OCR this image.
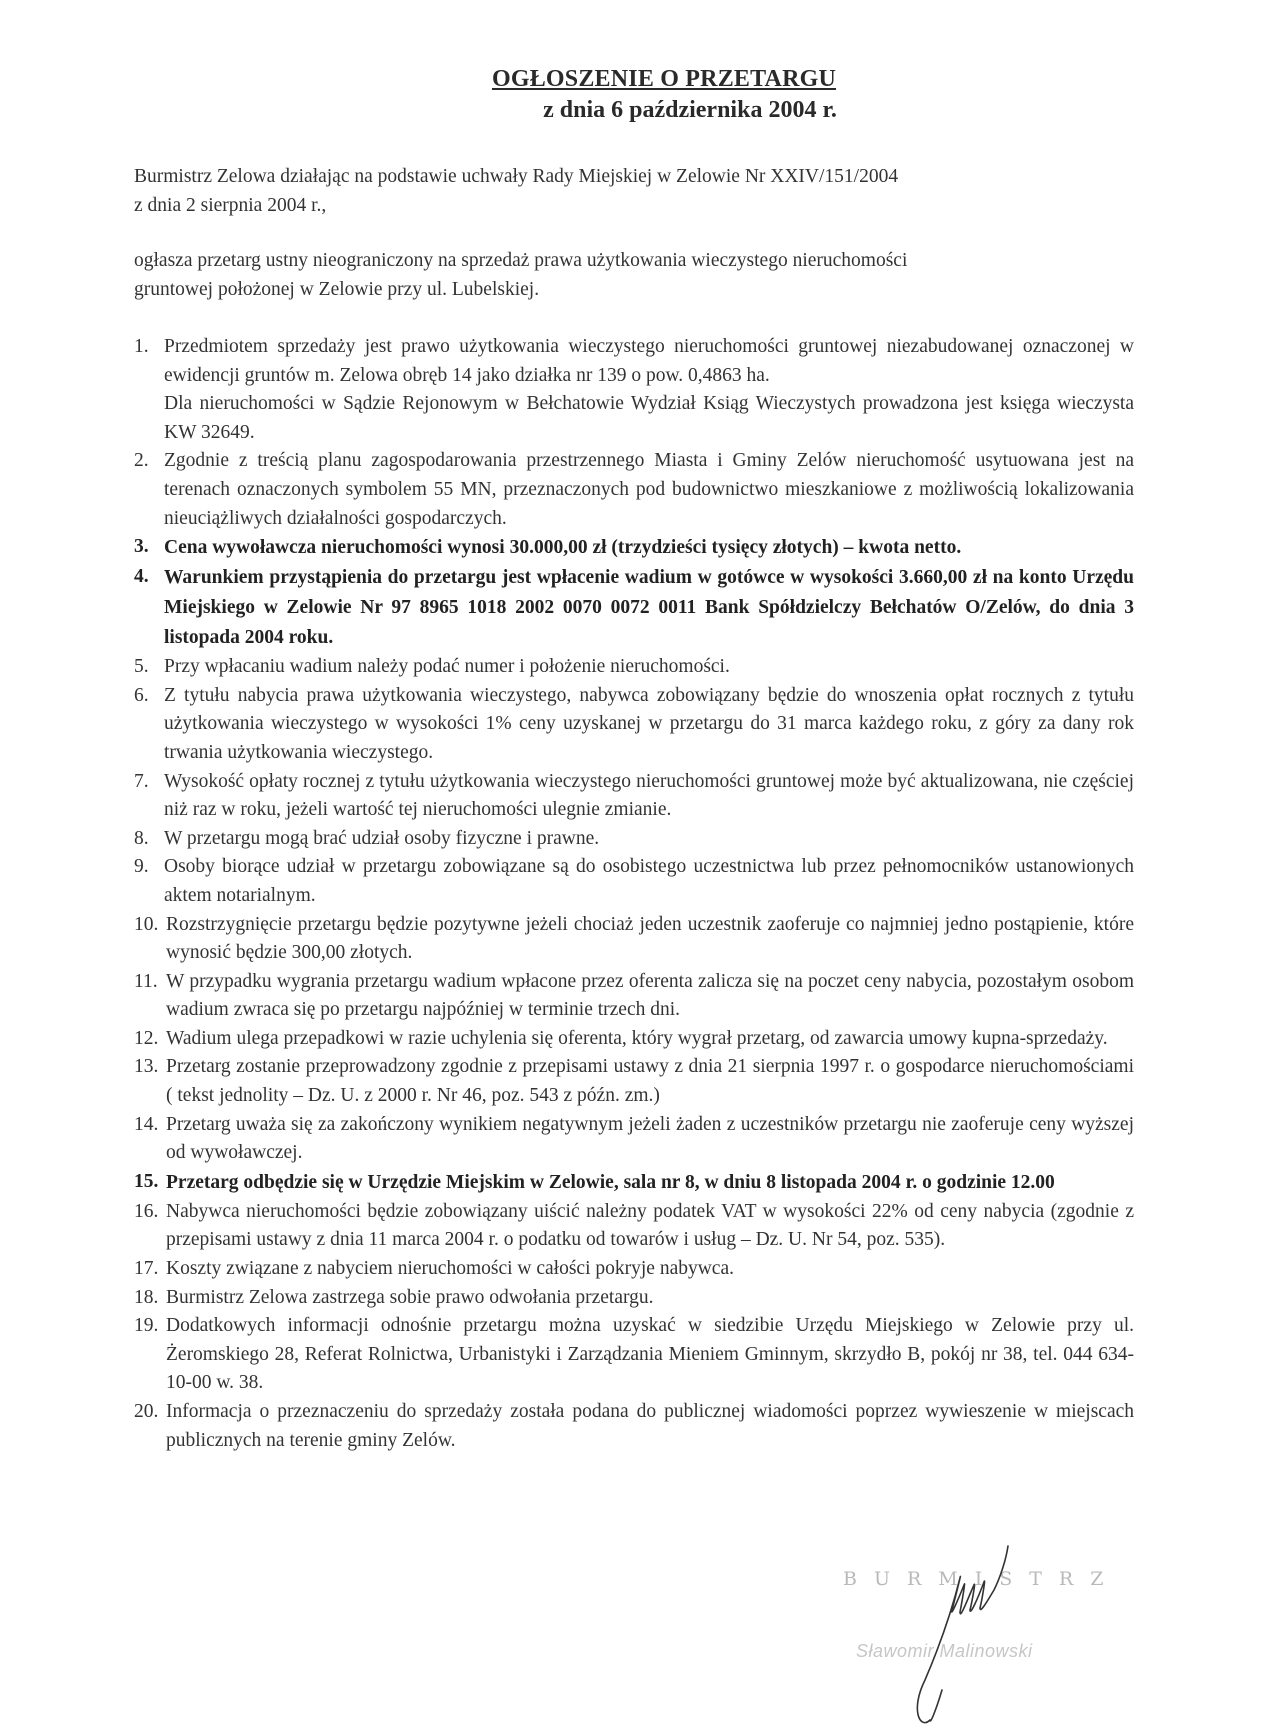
OGŁOSZENIE O PRZETARGU
z dnia 6 października 2004 r.

Burmistrz Zelowa działając na podstawie uchwały Rady Miejskiej w Zelowie Nr XXIV/151/2004

z dnia 2 sierpnia 2004 r.,

ogłasza przetarg ustny nieograniczony na sprzedaż prawa użytkowania wieczystego nieruchomości

gruntowej położonej w Zelowie przy ul. Lubelskiej.

1. Przedmiotem sprzedaży jest prawo użytkowania wieczystego nieruchomości gruntowej niezabudowanej oznaczonej w ewidencji gruntów m. Zelowa obręb 14 jako działka nr 139 o pow. 0,4863 ha.
Dla nieruchomości w Sądzie Rejonowym w Bełchatowie Wydział Ksiąg Wieczystych prowadzona jest księga wieczysta KW 32649.
2. Zgodnie z treścią planu zagospodarowania przestrzennego Miasta i Gminy Zelów nieruchomość usytuowana jest na terenach oznaczonych symbolem 55 MN, przeznaczonych pod budownictwo mieszkaniowe z możliwością lokalizowania nieuciążliwych działalności gospodarczych.
3. Cena wywoławcza nieruchomości wynosi 30.000,00 zł (trzydzieści tysięcy złotych) – kwota netto.
4. Warunkiem przystąpienia do przetargu jest wpłacenie wadium w gotówce w wysokości 3.660,00 zł na konto Urzędu Miejskiego w Zelowie Nr 97 8965 1018 2002 0070 0072 0011 Bank Spółdzielczy Bełchatów O/Zelów, do dnia 3 listopada 2004 roku.
5. Przy wpłacaniu wadium należy podać numer i położenie nieruchomości.
6. Z tytułu nabycia prawa użytkowania wieczystego, nabywca zobowiązany będzie do wnoszenia opłat rocznych z tytułu użytkowania wieczystego w wysokości 1% ceny uzyskanej w przetargu do 31 marca każdego roku, z góry za dany rok trwania użytkowania wieczystego.
7. Wysokość opłaty rocznej z tytułu użytkowania wieczystego nieruchomości gruntowej może być aktualizowana, nie częściej niż raz w roku, jeżeli wartość tej nieruchomości ulegnie zmianie.
8. W przetargu mogą brać udział osoby fizyczne i prawne.
9. Osoby biorące udział w przetargu zobowiązane są do osobistego uczestnictwa lub przez pełnomocników ustanowionych aktem notarialnym.
10. Rozstrzygnięcie przetargu będzie pozytywne jeżeli chociaż jeden uczestnik zaoferuje co najmniej jedno postąpienie, które wynosić będzie 300,00 złotych.
11. W przypadku wygrania przetargu wadium wpłacone przez oferenta zalicza się na poczet ceny nabycia, pozostałym osobom wadium zwraca się po przetargu najpóźniej w terminie trzech dni.
12. Wadium ulega przepadkowi w razie uchylenia się oferenta, który wygrał przetarg, od zawarcia umowy kupna-sprzedaży.
13. Przetarg zostanie przeprowadzony zgodnie z przepisami ustawy z dnia 21 sierpnia 1997 r. o gospodarce nieruchomościami ( tekst jednolity – Dz. U. z 2000 r. Nr 46, poz. 543 z późn. zm.)
14. Przetarg uważa się za zakończony wynikiem negatywnym jeżeli żaden z uczestników przetargu nie zaoferuje ceny wyższej od wywoławczej.
15. Przetarg odbędzie się w Urzędzie Miejskim w Zelowie, sala nr 8, w dniu 8 listopada 2004 r. o godzinie 12.00
16. Nabywca nieruchomości będzie zobowiązany uiścić należny podatek VAT w wysokości 22% od ceny nabycia (zgodnie z przepisami ustawy z dnia 11 marca 2004 r. o podatku od towarów i usług – Dz. U. Nr 54, poz. 535).
17. Koszty związane z nabyciem nieruchomości w całości pokryje nabywca.
18. Burmistrz Zelowa zastrzega sobie prawo odwołania przetargu.
19. Dodatkowych informacji odnośnie przetargu można uzyskać w siedzibie Urzędu Miejskiego w Zelowie przy ul. Żeromskiego 28, Referat Rolnictwa, Urbanistyki i Zarządzania Mieniem Gminnym, skrzydło B, pokój nr 38, tel. 044 634-10-00 w. 38.
20. Informacja o przeznaczeniu do sprzedaży została podana do publicznej wiadomości poprzez wywieszenie w miejscach publicznych na terenie gminy Zelów.
BURMISTRZ
Sławomir Malinowski
